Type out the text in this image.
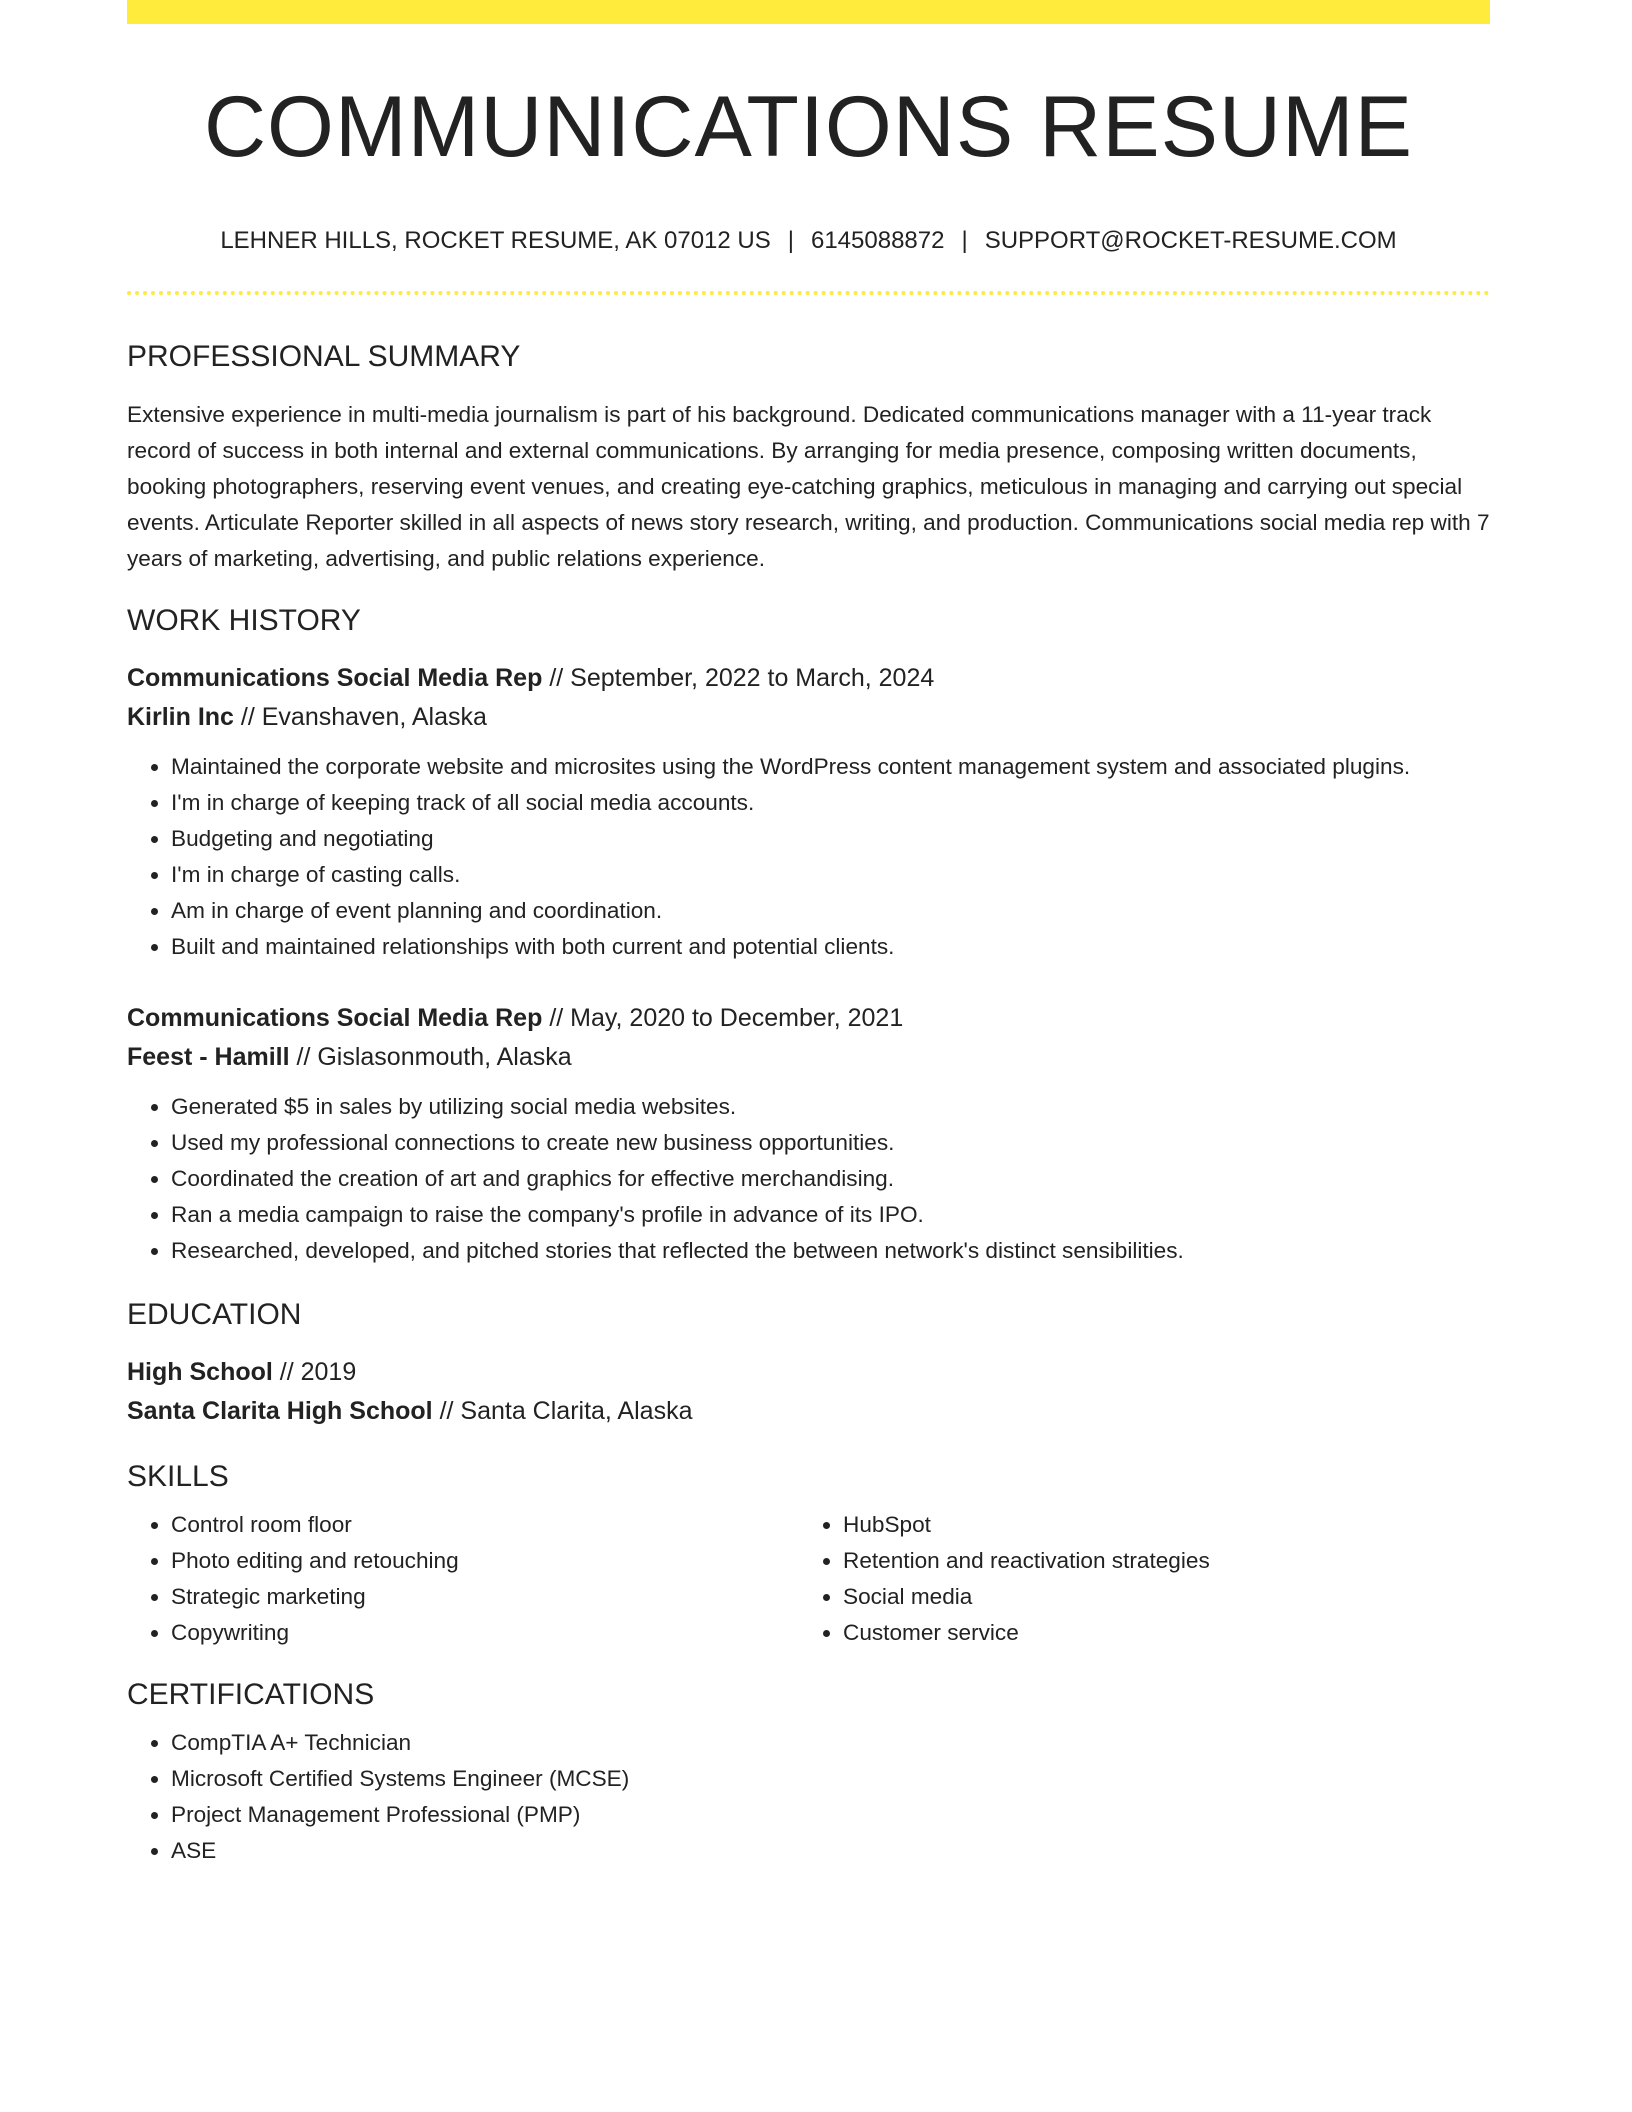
COMMUNICATIONS RESUME
LEHNER HILLS, ROCKET RESUME, AK 07012 US | 6145088872 | SUPPORT@ROCKET-RESUME.COM
PROFESSIONAL SUMMARY
Extensive experience in multi-media journalism is part of his background. Dedicated communications manager with a 11-year track record of success in both internal and external communications. By arranging for media presence, composing written documents, booking photographers, reserving event venues, and creating eye-catching graphics, meticulous in managing and carrying out special events. Articulate Reporter skilled in all aspects of news story research, writing, and production. Communications social media rep with 7 years of marketing, advertising, and public relations experience.
WORK HISTORY
Communications Social Media Rep // September, 2022 to March, 2024
Kirlin Inc // Evanshaven, Alaska
• Maintained the corporate website and microsites using the WordPress content management system and associated plugins.
• I'm in charge of keeping track of all social media accounts.
• Budgeting and negotiating
• I'm in charge of casting calls.
• Am in charge of event planning and coordination.
• Built and maintained relationships with both current and potential clients.
Communications Social Media Rep // May, 2020 to December, 2021
Feest - Hamill // Gislasonmouth, Alaska
• Generated $5 in sales by utilizing social media websites.
• Used my professional connections to create new business opportunities.
• Coordinated the creation of art and graphics for effective merchandising.
• Ran a media campaign to raise the company's profile in advance of its IPO.
• Researched, developed, and pitched stories that reflected the between network's distinct sensibilities.
EDUCATION
High School // 2019
Santa Clarita High School // Santa Clarita, Alaska
SKILLS
• Control room floor
• Photo editing and retouching
• Strategic marketing
• Copywriting
• HubSpot
• Retention and reactivation strategies
• Social media
• Customer service
CERTIFICATIONS
• CompTIA A+ Technician
• Microsoft Certified Systems Engineer (MCSE)
• Project Management Professional (PMP)
• ASE
